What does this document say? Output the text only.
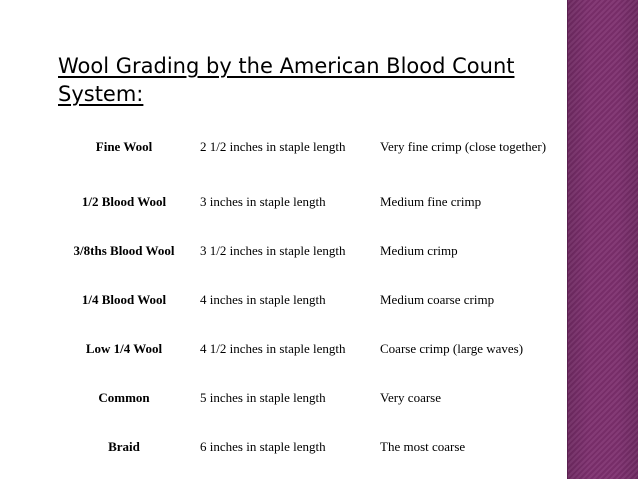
Wool Grading by the American Blood Count System:
Fine Wool	2 1/2 inches in staple length	Very fine crimp (close together)
1/2 Blood Wool	3 inches in staple length	Medium fine crimp
3/8ths Blood Wool	3 1/2 inches in staple length	Medium crimp
1/4 Blood Wool	4 inches in staple length	Medium coarse crimp
Low 1/4 Wool	4 1/2 inches in staple length	Coarse crimp (large waves)
Common	5 inches in staple length	Very coarse
Braid	6 inches in staple length	The most coarse
